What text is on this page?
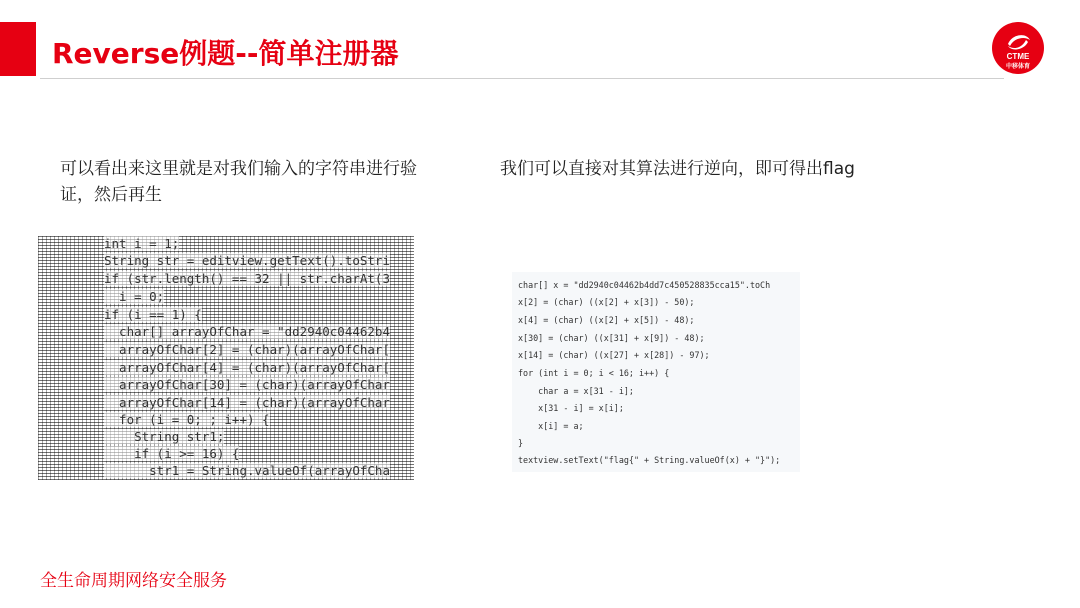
Reverse例题--简单注册器	CTME
中移体育
可以看出来这里就是对我们输入的字符串进行验证，然后再生
我们可以直接对其算法进行逆向，即可得出flag
int i = 1;
String str = editview.getText().toStri
if (str.length() == 32 || str.charAt(3
i = 0;
if (i == 1) {
char[] arrayOfChar = "dd2940c04462b4
arrayOfChar[2] = (char)(arrayOfChar[
arrayOfChar[4] = (char)(arrayOfChar[
arrayOfChar[30] = (char)(arrayOfChar
arrayOfChar[14] = (char)(arrayOfChar
for (i = 0; ; i++) {
String str1;
if (i >= 16) {
str1 = String.valueOf(arrayOfCha
char[] x = "dd2940c04462b4dd7c450528835cca15".toCh
x[2] = (char) ((x[2] + x[3]) - 50);
x[4] = (char) ((x[2] + x[5]) - 48);
x[30] = (char) ((x[31] + x[9]) - 48);
x[14] = (char) ((x[27] + x[28]) - 97);
for (int i = 0; i < 16; i++) {
char a = x[31 - i];
x[31 - i] = x[i];
x[i] = a;
}
textview.setText("flag{" + String.valueOf(x) + "}");
全生命周期网络安全服务
